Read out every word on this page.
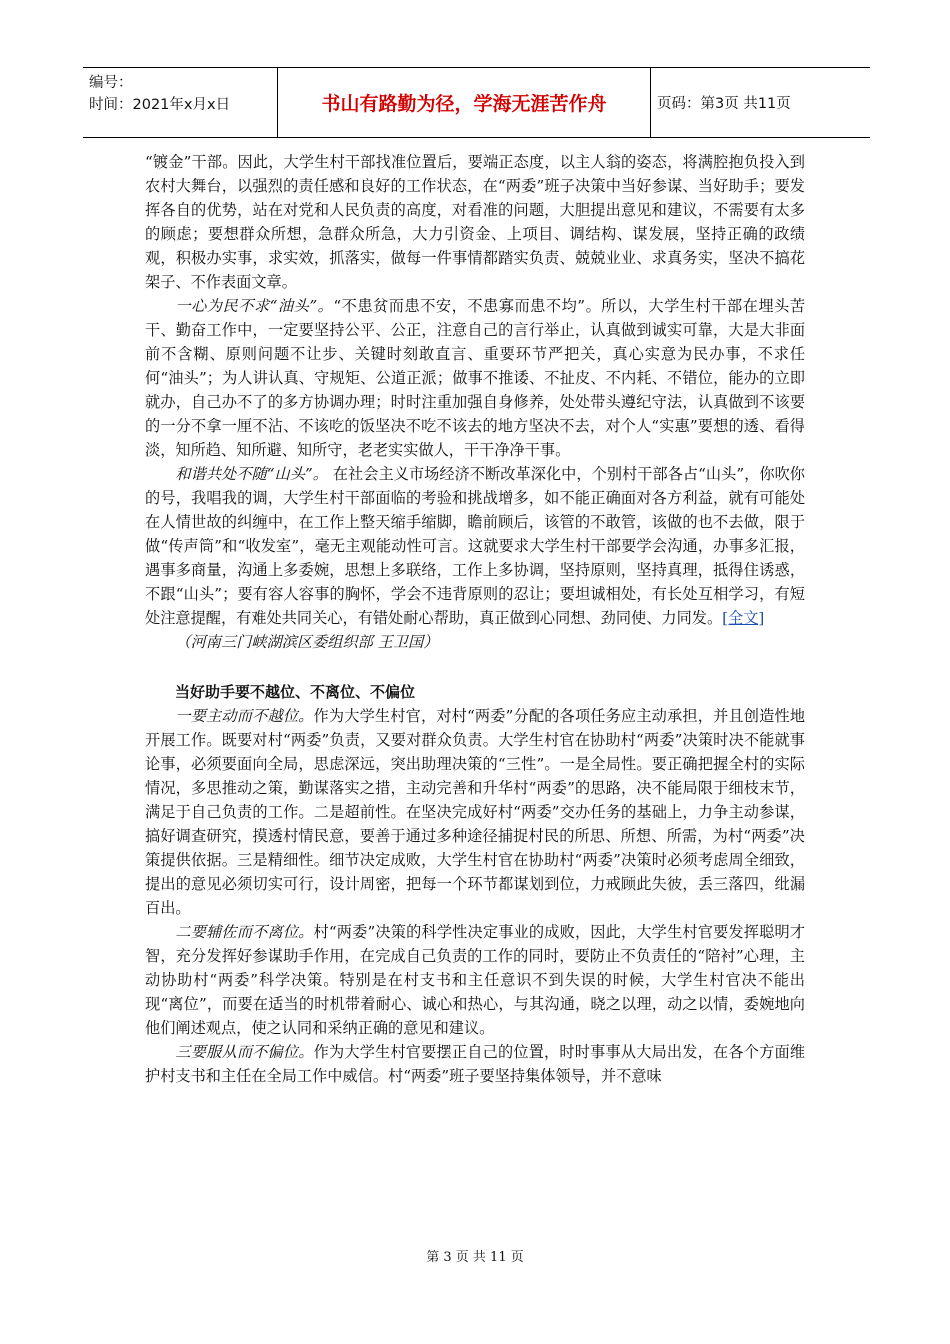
编号：
时间：2021年x月x日	书山有路勤为径，学海无涯苦作舟	页码：第3页 共11页

“镀金”干部。因此，大学生村干部找准位置后，要端正态度，以主人翁的姿态，将满腔抱负投入到农村大舞台，以强烈的责任感和良好的工作状态，在“两委”班子决策中当好参谋、当好助手；要发挥各自的优势，站在对党和人民负责的高度，对看准的问题，大胆提出意见和建议，不需要有太多的顾虑；要想群众所想，急群众所急，大力引资金、上项目、调结构、谋发展，坚持正确的政绩观，积极办实事，求实效，抓落实，做每一件事情都踏实负责、兢兢业业、求真务实，坚决不搞花架子、不作表面文章。

一心为民不求“油头”。“不患贫而患不安，不患寡而患不均”。所以，大学生村干部在埋头苦干、勤奋工作中，一定要坚持公平、公正，注意自己的言行举止，认真做到诚实可靠，大是大非面前不含糊、原则问题不让步、关键时刻敢直言、重要环节严把关，真心实意为民办事，不求任何“油头”；为人讲认真、守规矩、公道正派；做事不推诿、不扯皮、不内耗、不错位，能办的立即就办，自己办不了的多方协调办理；时时注重加强自身修养，处处带头遵纪守法，认真做到不该要的一分不拿一厘不沾、不该吃的饭坚决不吃不该去的地方坚决不去，对个人“实惠”要想的透、看得淡，知所趋、知所避、知所守，老老实实做人，干干净净干事。

和谐共处不随“山头”。 在社会主义市场经济不断改革深化中，个别村干部各占“山头”，你吹你的号，我唱我的调，大学生村干部面临的考验和挑战增多，如不能正确面对各方利益，就有可能处在人情世故的纠缠中，在工作上整天缩手缩脚，瞻前顾后，该管的不敢管，该做的也不去做，限于做“传声筒”和“收发室”，毫无主观能动性可言。这就要求大学生村干部要学会沟通，办事多汇报，遇事多商量，沟通上多委婉，思想上多联络，工作上多协调，坚持原则，坚持真理，抵得住诱惑，不跟“山头”；要有容人容事的胸怀，学会不违背原则的忍让；要坦诚相处，有长处互相学习，有短处注意提醒，有难处共同关心，有错处耐心帮助，真正做到心同想、劲同使、力同发。[全文]

（河南三门峡湖滨区委组织部 王卫国）

当好助手要不越位、不离位、不偏位

一要主动而不越位。作为大学生村官，对村“两委”分配的各项任务应主动承担，并且创造性地开展工作。既要对村“两委”负责，又要对群众负责。大学生村官在协助村“两委”决策时决不能就事论事，必须要面向全局，思虑深远，突出助理决策的“三性”。一是全局性。要正确把握全村的实际情况，多思推动之策，勤谋落实之措，主动完善和升华村“两委”的思路，决不能局限于细枝末节，满足于自己负责的工作。二是超前性。在坚决完成好村“两委”交办任务的基础上，力争主动参谋，搞好调查研究，摸透村情民意，要善于通过多种途径捕捉村民的所思、所想、所需，为村“两委”决策提供依据。三是精细性。细节决定成败，大学生村官在协助村“两委”决策时必须考虑周全细致，提出的意见必须切实可行，设计周密，把每一个环节都谋划到位，力戒顾此失彼，丢三落四，纰漏百出。

二要辅佐而不离位。村“两委”决策的科学性决定事业的成败，因此，大学生村官要发挥聪明才智，充分发挥好参谋助手作用，在完成自己负责的工作的同时，要防止不负责任的“陪衬”心理，主动协助村“两委”科学决策。特别是在村支书和主任意识不到失误的时候，大学生村官决不能出现“离位”，而要在适当的时机带着耐心、诚心和热心，与其沟通，晓之以理，动之以情，委婉地向他们阐述观点，使之认同和采纳正确的意见和建议。

三要服从而不偏位。作为大学生村官要摆正自己的位置，时时事事从大局出发，在各个方面维护村支书和主任在全局工作中威信。村“两委”班子要坚持集体领导，并不意味

第 3 页 共 11 页
